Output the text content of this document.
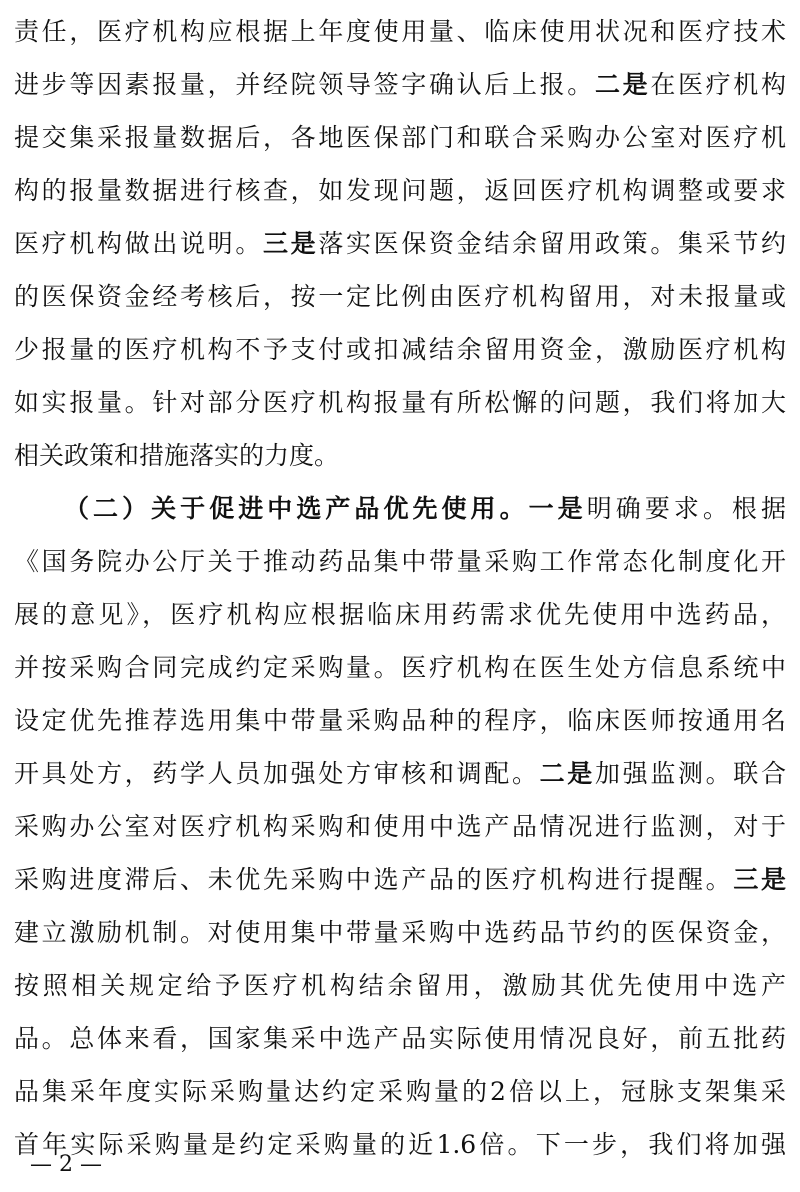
责任，医疗机构应根据上年度使用量、临床使用状况和医疗技术
进步等因素报量，并经院领导签字确认后上报。二是在医疗机构
提交集采报量数据后，各地医保部门和联合采购办公室对医疗机
构的报量数据进行核查，如发现问题，返回医疗机构调整或要求
医疗机构做出说明。三是落实医保资金结余留用政策。集采节约
的医保资金经考核后，按一定比例由医疗机构留用，对未报量或
少报量的医疗机构不予支付或扣减结余留用资金，激励医疗机构
如实报量。针对部分医疗机构报量有所松懈的问题，我们将加大
相关政策和措施落实的力度。
（二）关于促进中选产品优先使用。一是明确要求。根据
《国务院办公厅关于推动药品集中带量采购工作常态化制度化开
展的意见》，医疗机构应根据临床用药需求优先使用中选药品，
并按采购合同完成约定采购量。医疗机构在医生处方信息系统中
设定优先推荐选用集中带量采购品种的程序，临床医师按通用名
开具处方，药学人员加强处方审核和调配。二是加强监测。联合
采购办公室对医疗机构采购和使用中选产品情况进行监测，对于
采购进度滞后、未优先采购中选产品的医疗机构进行提醒。三是
建立激励机制。对使用集中带量采购中选药品节约的医保资金，
按照相关规定给予医疗机构结余留用，激励其优先使用中选产
品。总体来看，国家集采中选产品实际使用情况良好，前五批药
品集采年度实际采购量达约定采购量的2倍以上，冠脉支架集采
首年实际采购量是约定采购量的近1.6倍。下一步，我们将加强
— 2 —
